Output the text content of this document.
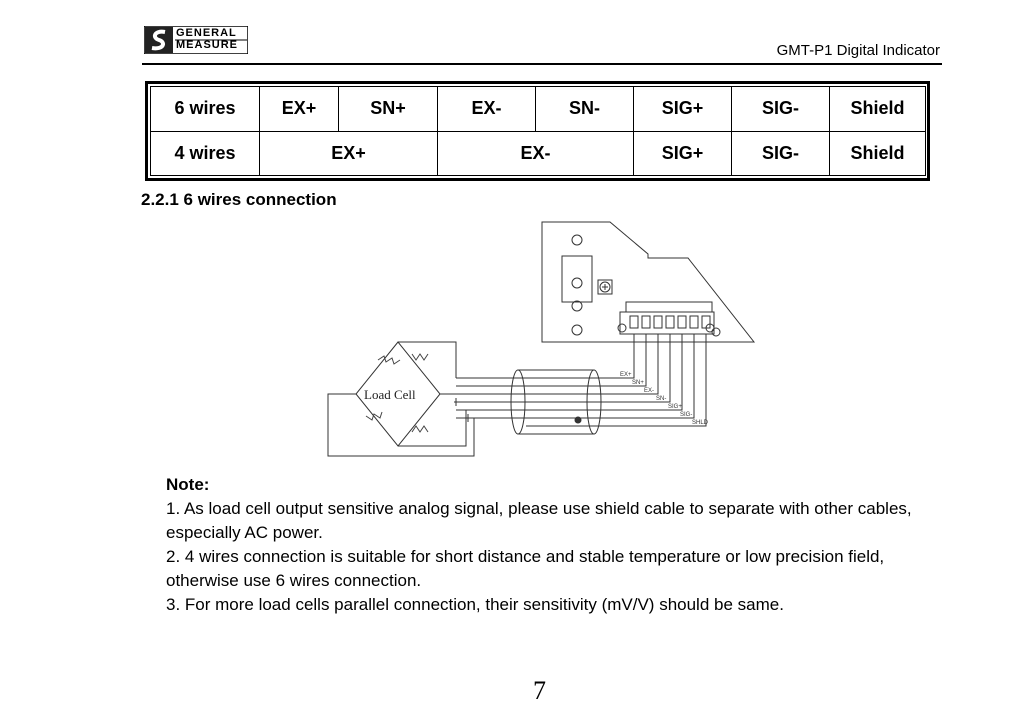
GENERAL
MEASURE	GMT-P1 Digital Indicator
6 wires	EX+	SN+	EX-	SN-	SIG+	SIG-	Shield
4 wires	EX+		EX-		SIG+	SIG-	Shield
2.2.1 6 wires connection
Load Cell
EX+
SN+
EX-
SN-
SIG+
SIG-
SHLD
Note:
1. As load cell output sensitive analog signal, please use shield cable to separate with other cables, especially AC power.
2. 4 wires connection is suitable for short distance and stable temperature or low precision field, otherwise use 6 wires connection.
3. For more load cells parallel connection, their sensitivity (mV/V) should be same.
7
